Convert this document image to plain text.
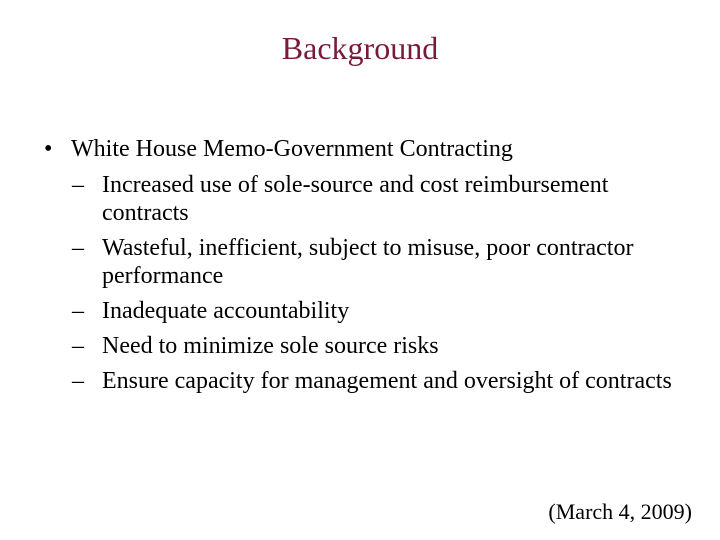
Background
• White House Memo-Government Contracting
– Increased use of sole-source and cost reimbursement contracts
– Wasteful, inefficient, subject to misuse, poor contractor performance
– Inadequate accountability
– Need to minimize sole source risks
– Ensure capacity for management and oversight of contracts
(March 4, 2009)
